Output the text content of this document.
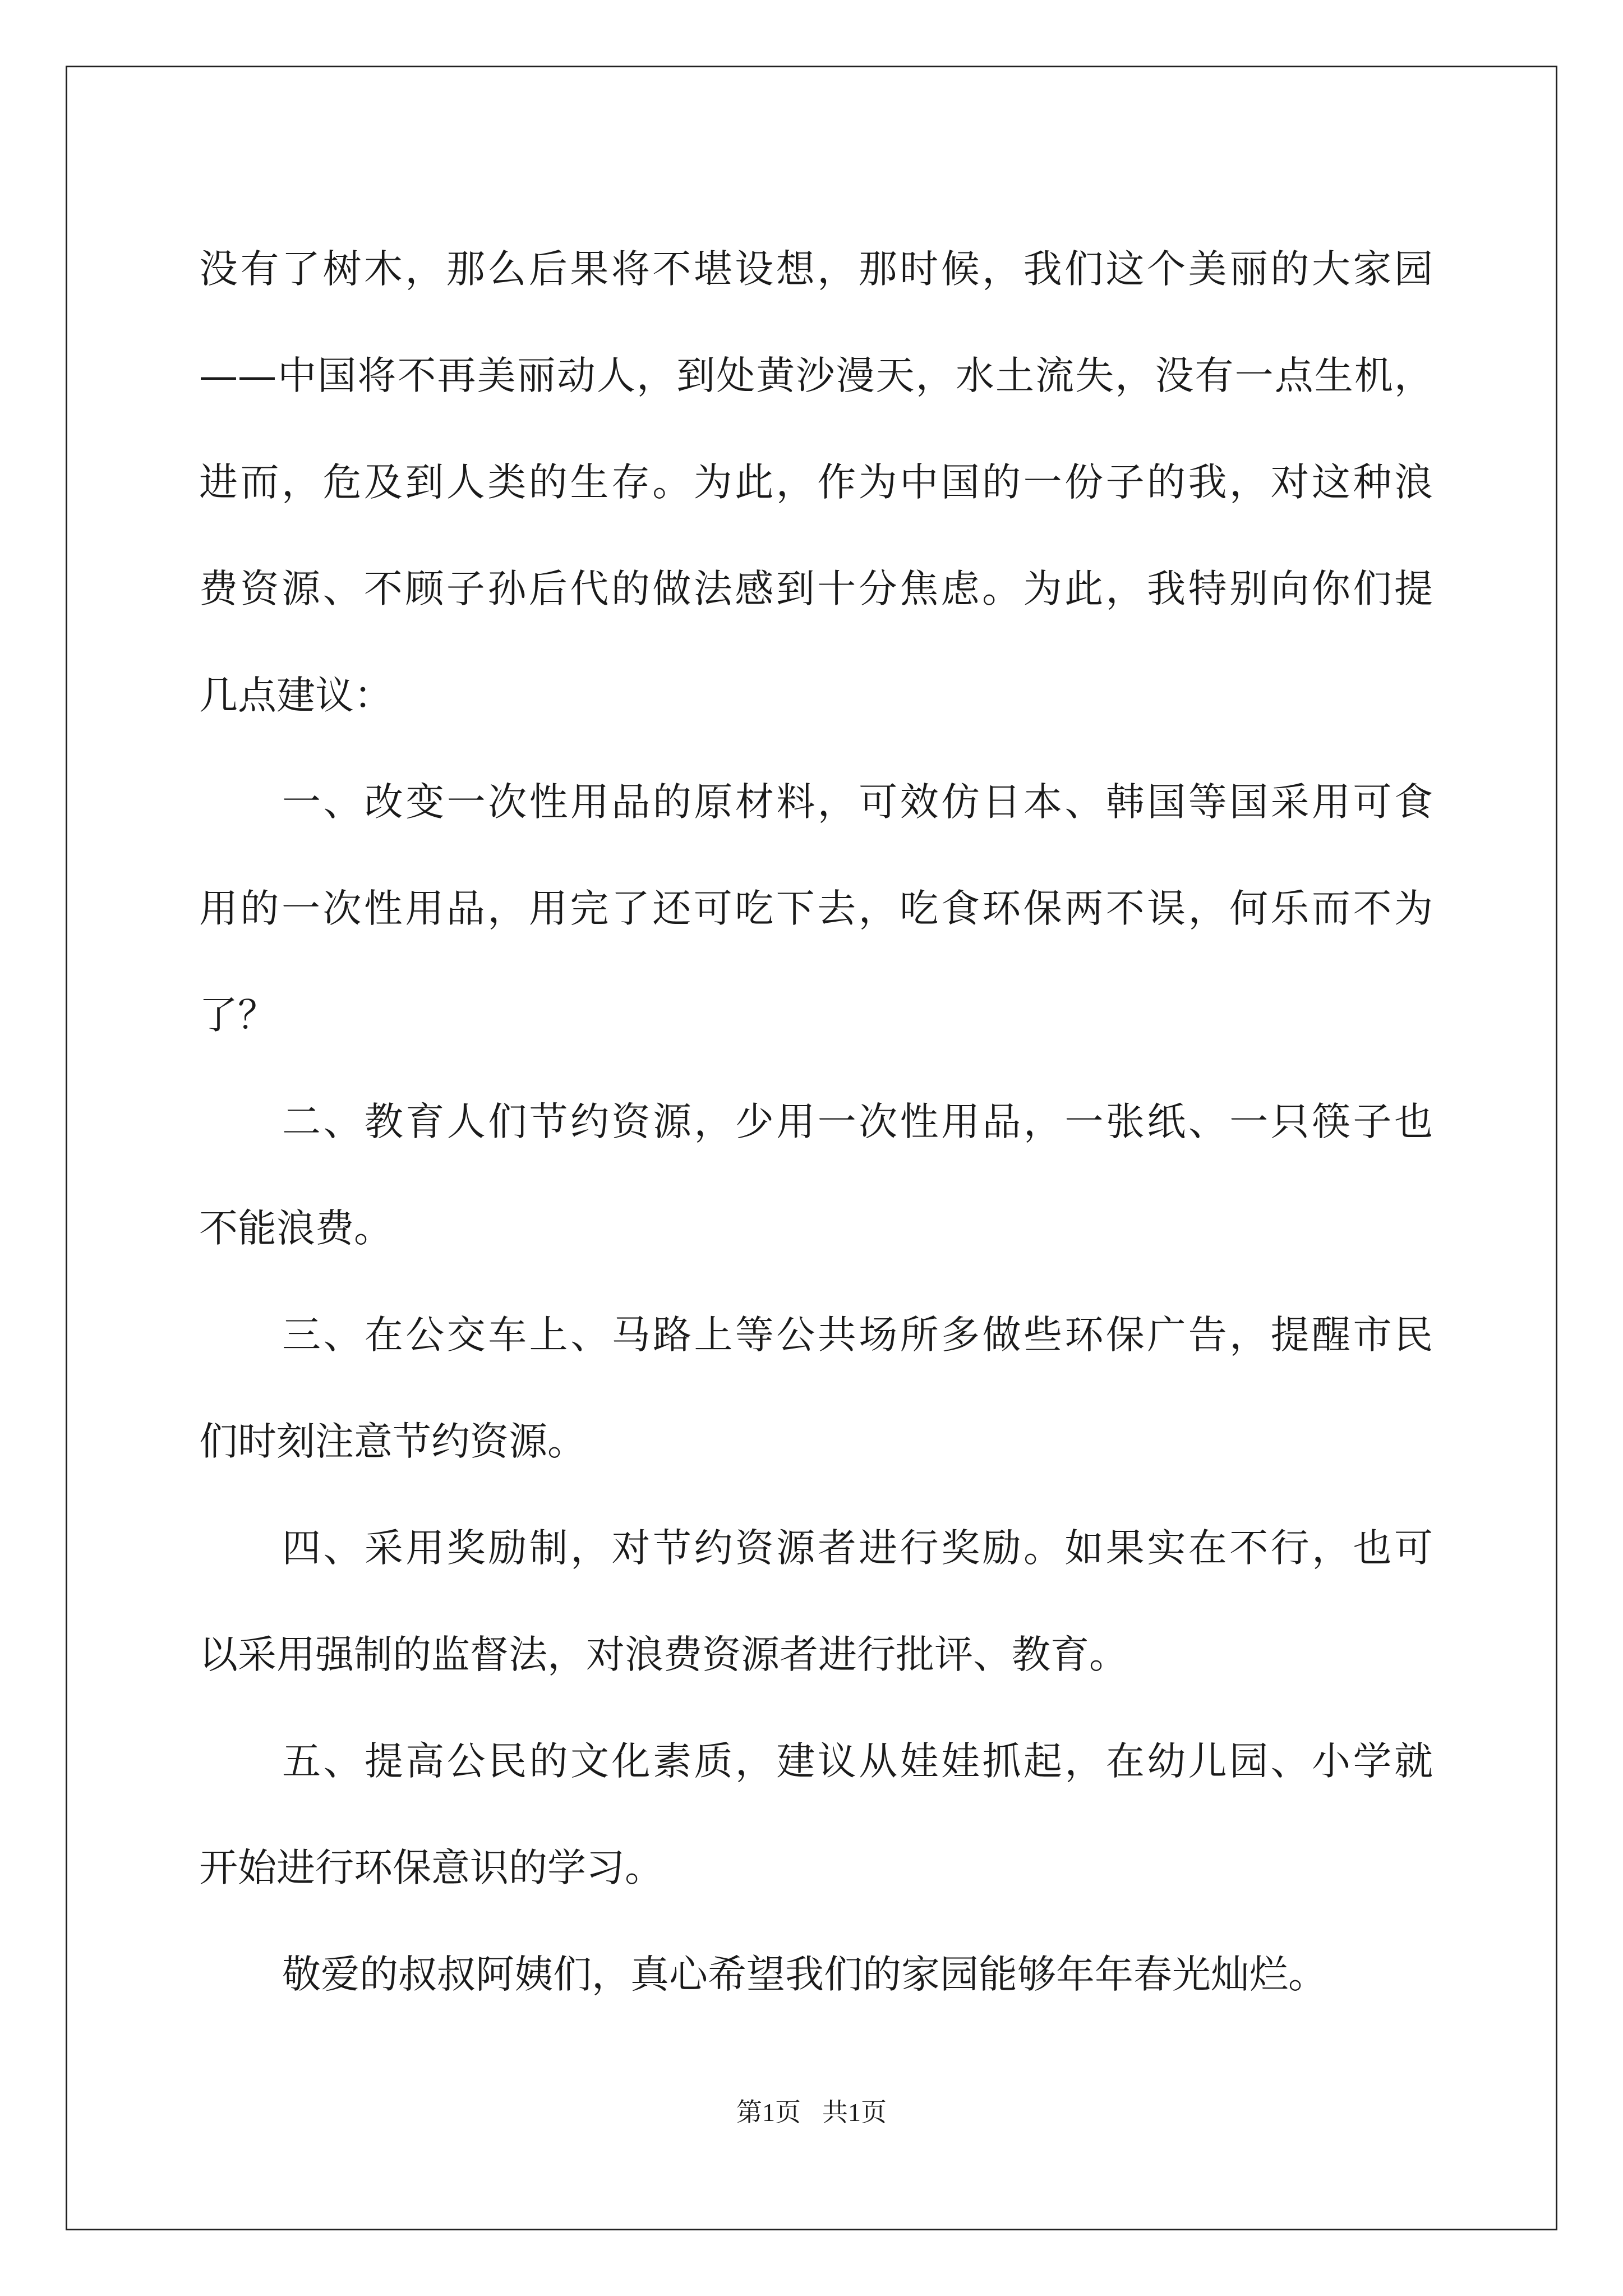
没有了树木，那么后果将不堪设想，那时候，我们这个美丽的大家园
——中国将不再美丽动人，到处黄沙漫天，水土流失，没有一点生机，
进而，危及到人类的生存。为此，作为中国的一份子的我，对这种浪
费资源、不顾子孙后代的做法感到十分焦虑。为此，我特别向你们提
几点建议：
一、改变一次性用品的原材料，可效仿日本、韩国等国采用可食
用的一次性用品，用完了还可吃下去，吃食环保两不误，何乐而不为
了？
二、教育人们节约资源，少用一次性用品，一张纸、一只筷子也
不能浪费。
三、在公交车上、马路上等公共场所多做些环保广告，提醒市民
们时刻注意节约资源。
四、采用奖励制，对节约资源者进行奖励。如果实在不行，也可
以采用强制的监督法，对浪费资源者进行批评、教育。
五、提高公民的文化素质，建议从娃娃抓起，在幼儿园、小学就
开始进行环保意识的学习。
敬爱的叔叔阿姨们，真心希望我们的家园能够年年春光灿烂。
第1页 共1页
